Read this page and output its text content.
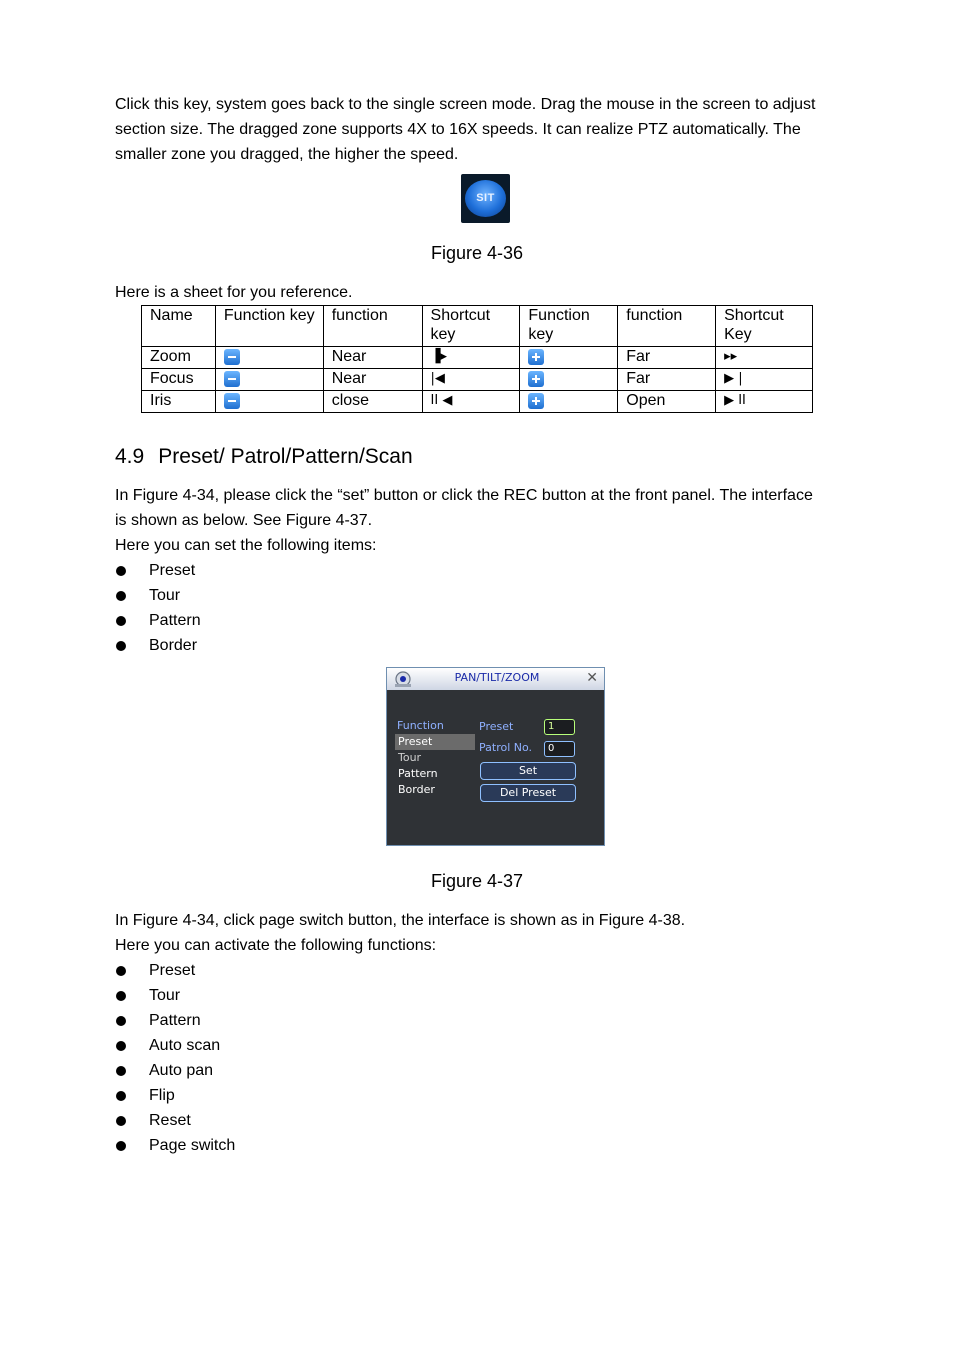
Click this key, system goes back to the single screen mode. Drag the mouse in the screen to adjust section size. The dragged zone supports 4X to 16X speeds. It can realize PTZ automatically. The smaller zone you dragged, the higher the speed.
SIT
Figure 4-36
Here is a sheet for you reference.
Name	Function key	function	Shortcut key	Function key	function	Shortcut Key
Zoom		Near	▐▸		Far	▸▸
Focus		Near	|◀		Far	▶ |
Iris		close	II ◀		Open	▶ II
4.9 Preset/ Patrol/Pattern/Scan
In Figure 4-34, please click the “set” button or click the REC button at the front panel. The interface is shown as below. See Figure 4-37.
Here you can set the following items:
Preset
Tour
Pattern
Border
PAN/TILT/ZOOM	✕
Function
Preset
Tour
Pattern
Border
Preset	1
Patrol No.	0
Set
Del Preset
Figure 4-37
In Figure 4-34, click page switch button, the interface is shown as in Figure 4-38.
Here you can activate the following functions:
Preset
Tour
Pattern
Auto scan
Auto pan
Flip
Reset
Page switch
